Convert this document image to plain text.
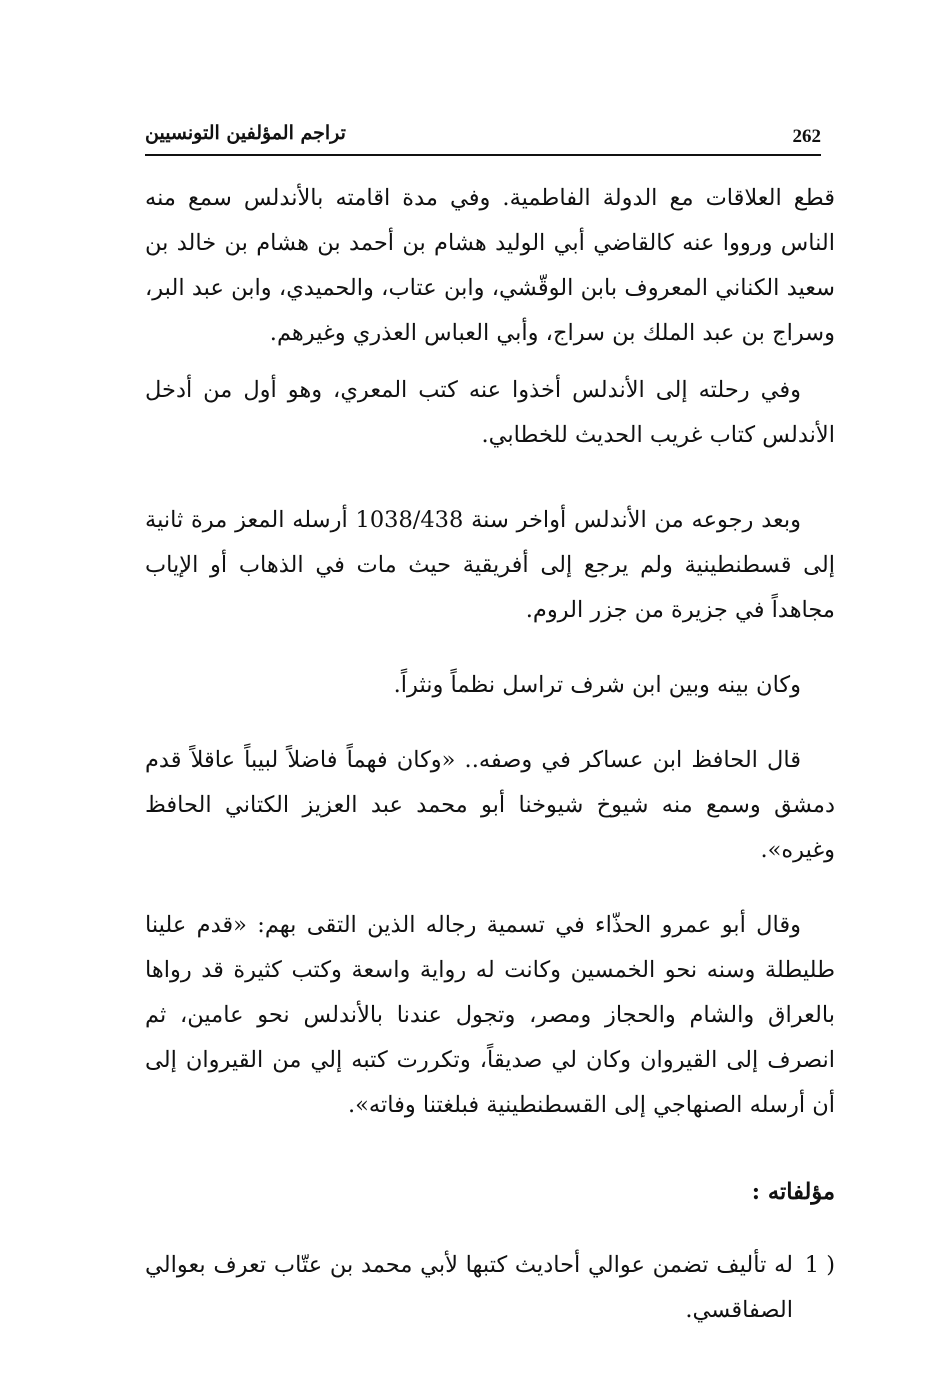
262
تراجم المؤلفين التونسيين

قطع العلاقات مع الدولة الفاطمية. وفي مدة اقامته بالأندلس سمع منه الناس ورووا عنه كالقاضي أبي الوليد هشام بن أحمد بن هشام بن خالد بن سعيد الكناني المعروف بابن الوقّشي، وابن عتاب، والحميدي، وابن عبد البر، وسراج بن عبد الملك بن سراج، وأبي العباس العذري وغيرهم.

وفي رحلته إلى الأندلس أخذوا عنه كتب المعري، وهو أول من أدخل الأندلس كتاب غريب الحديث للخطابي.

وبعد رجوعه من الأندلس أواخر سنة 1038/438 أرسله المعز مرة ثانية إلى قسطنطينية ولم يرجع إلى أفريقية حيث مات في الذهاب أو الإياب مجاهداً في جزيرة من جزر الروم.

وكان بينه وبين ابن شرف تراسل نظماً ونثراً.

قال الحافظ ابن عساكر في وصفه.. «وكان فهماً فاضلاً لبيباً عاقلاً قدم دمشق وسمع منه شيوخ شيوخنا أبو محمد عبد العزيز الكتاني الحافظ وغيره».

وقال أبو عمرو الحذّاء في تسمية رجاله الذين التقى بهم: «قدم علينا طليطلة وسنه نحو الخمسين وكانت له رواية واسعة وكتب كثيرة قد رواها بالعراق والشام والحجاز ومصر، وتجول عندنا بالأندلس نحو عامين، ثم انصرف إلى القيروان وكان لي صديقاً، وتكررت كتبه إلي من القيروان إلى أن أرسله الصنهاجي إلى القسطنطينية فبلغتنا وفاته».

مؤلفاته :

1 )
له تأليف تضمن عوالي أحاديث كتبها لأبي محمد بن عتّاب تعرف بعوالي الصفاقسي.
